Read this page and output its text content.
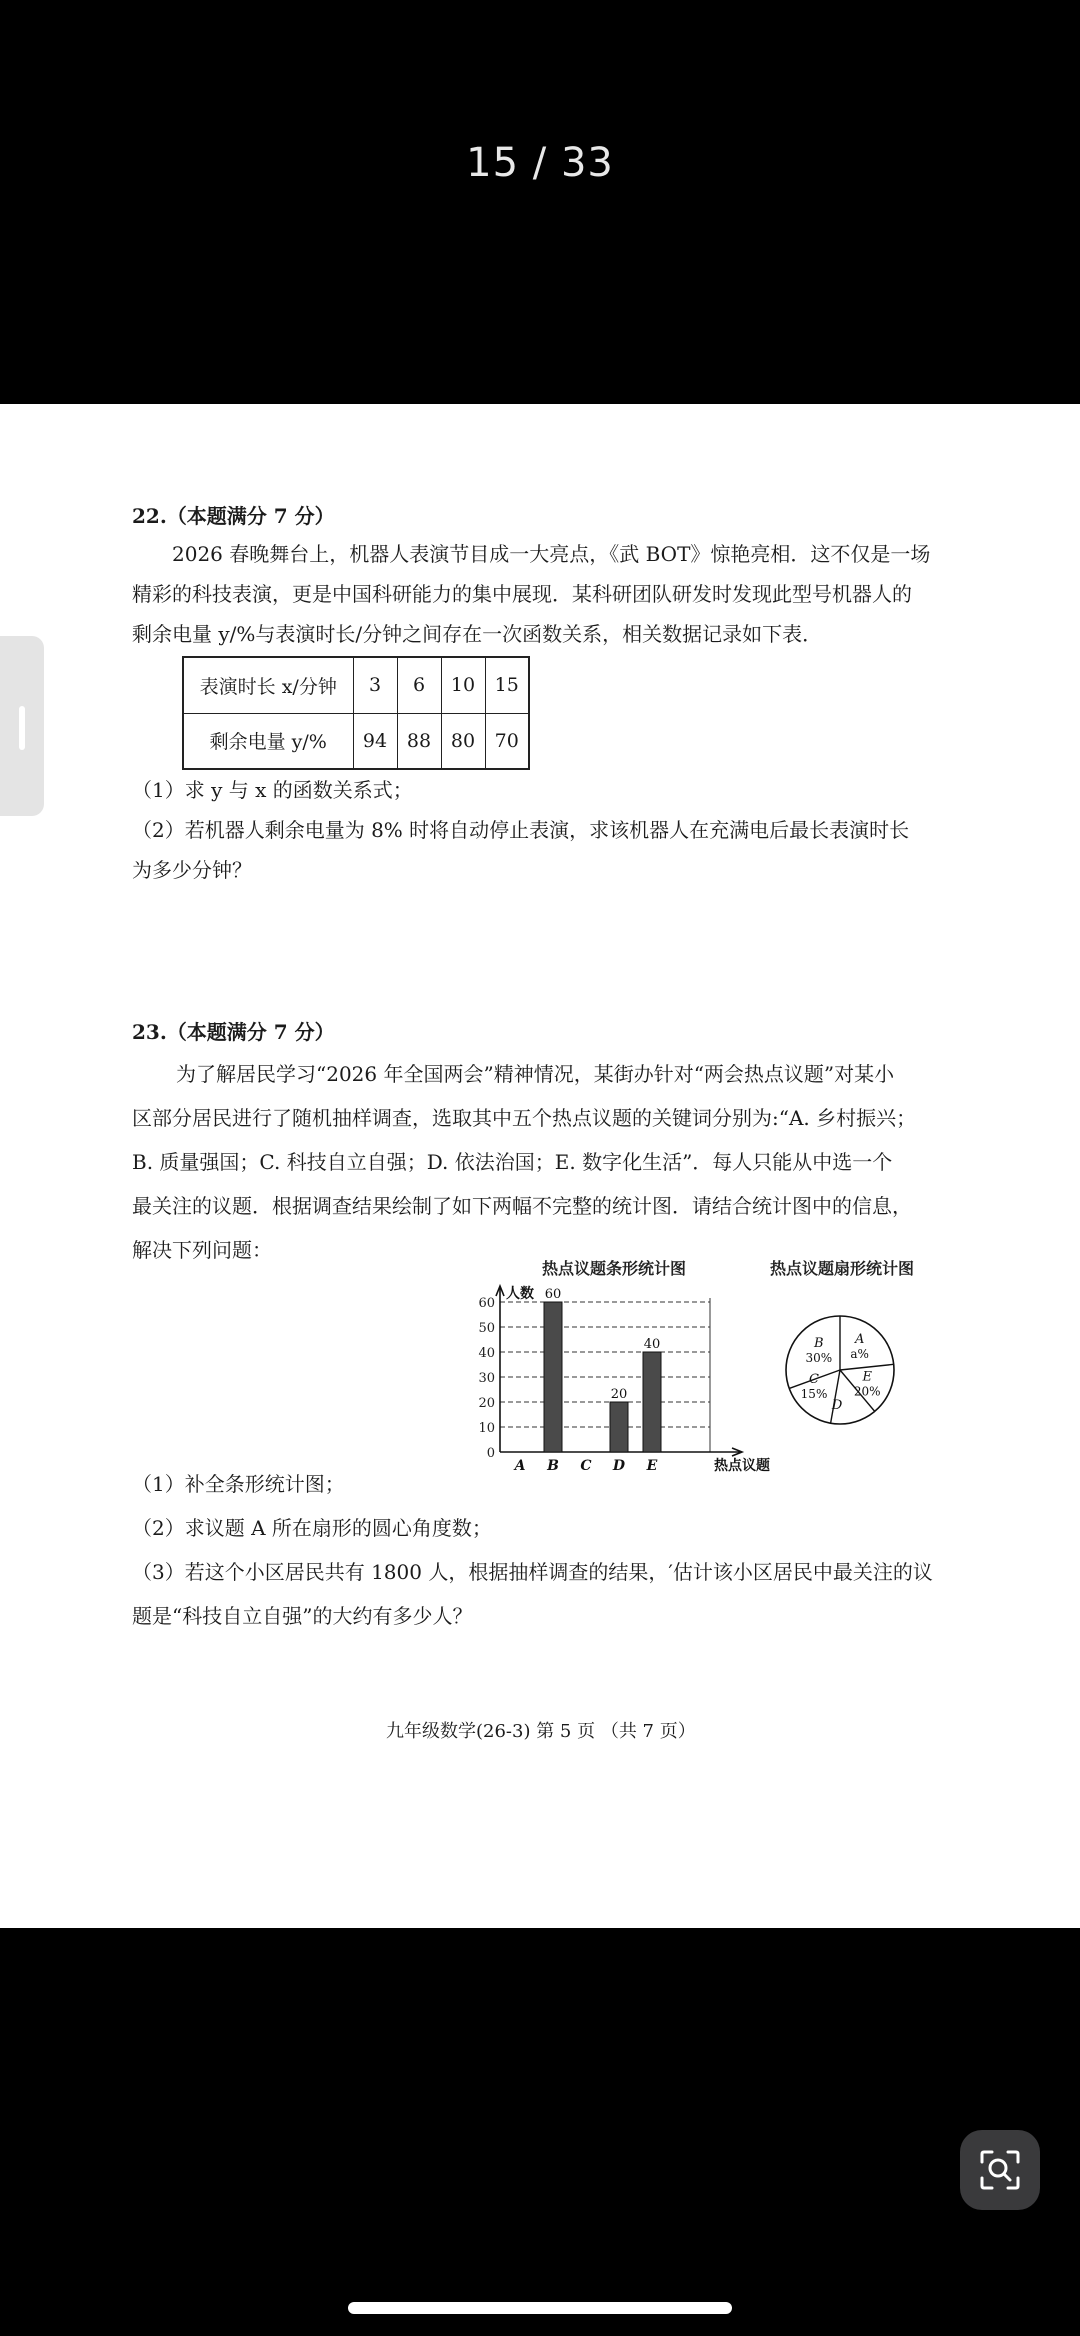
15 / 33
22.（本题满分 7 分）
2026 春晚舞台上，机器人表演节目成一大亮点，《武 BOT》惊艳亮相．这不仅是一场
精彩的科技表演，更是中国科研能力的集中展现．某科研团队研发时发现此型号机器人的
剩余电量 y/%与表演时长/分钟之间存在一次函数关系，相关数据记录如下表．
表演时长 x/分钟	3	6	10	15
剩余电量 y/%	94	88	80	70
（1）求 y 与 x 的函数关系式；
（2）若机器人剩余电量为 8% 时将自动停止表演，求该机器人在充满电后最长表演时长
为多少分钟？
23.（本题满分 7 分）
为了解居民学习“2026 年全国两会”精神情况，某街办针对“两会热点议题”对某小
区部分居民进行了随机抽样调查，选取其中五个热点议题的关键词分别为:“A. 乡村振兴；
B. 质量强国；C. 科技自立自强；D. 依法治国；E. 数字化生活”．每人只能从中选一个
最关注的议题．根据调查结果绘制了如下两幅不完整的统计图．请结合统计图中的信息，
解决下列问题：
热点议题条形统计图	热点议题扇形统计图
0
10
20
30
40
50
60
人数
热点议题
A B
60
C D
20
E
40	A
a%
B
30%
C
15%
D
E
20%
（1）补全条形统计图；
（2）求议题 A 所在扇形的圆心角度数；
（3）若这个小区居民共有 1800 人，根据抽样调查的结果，′估计该小区居民中最关注的议
题是“科技自立自强”的大约有多少人？
九年级数学(26-3) 第 5 页 （共 7 页）
